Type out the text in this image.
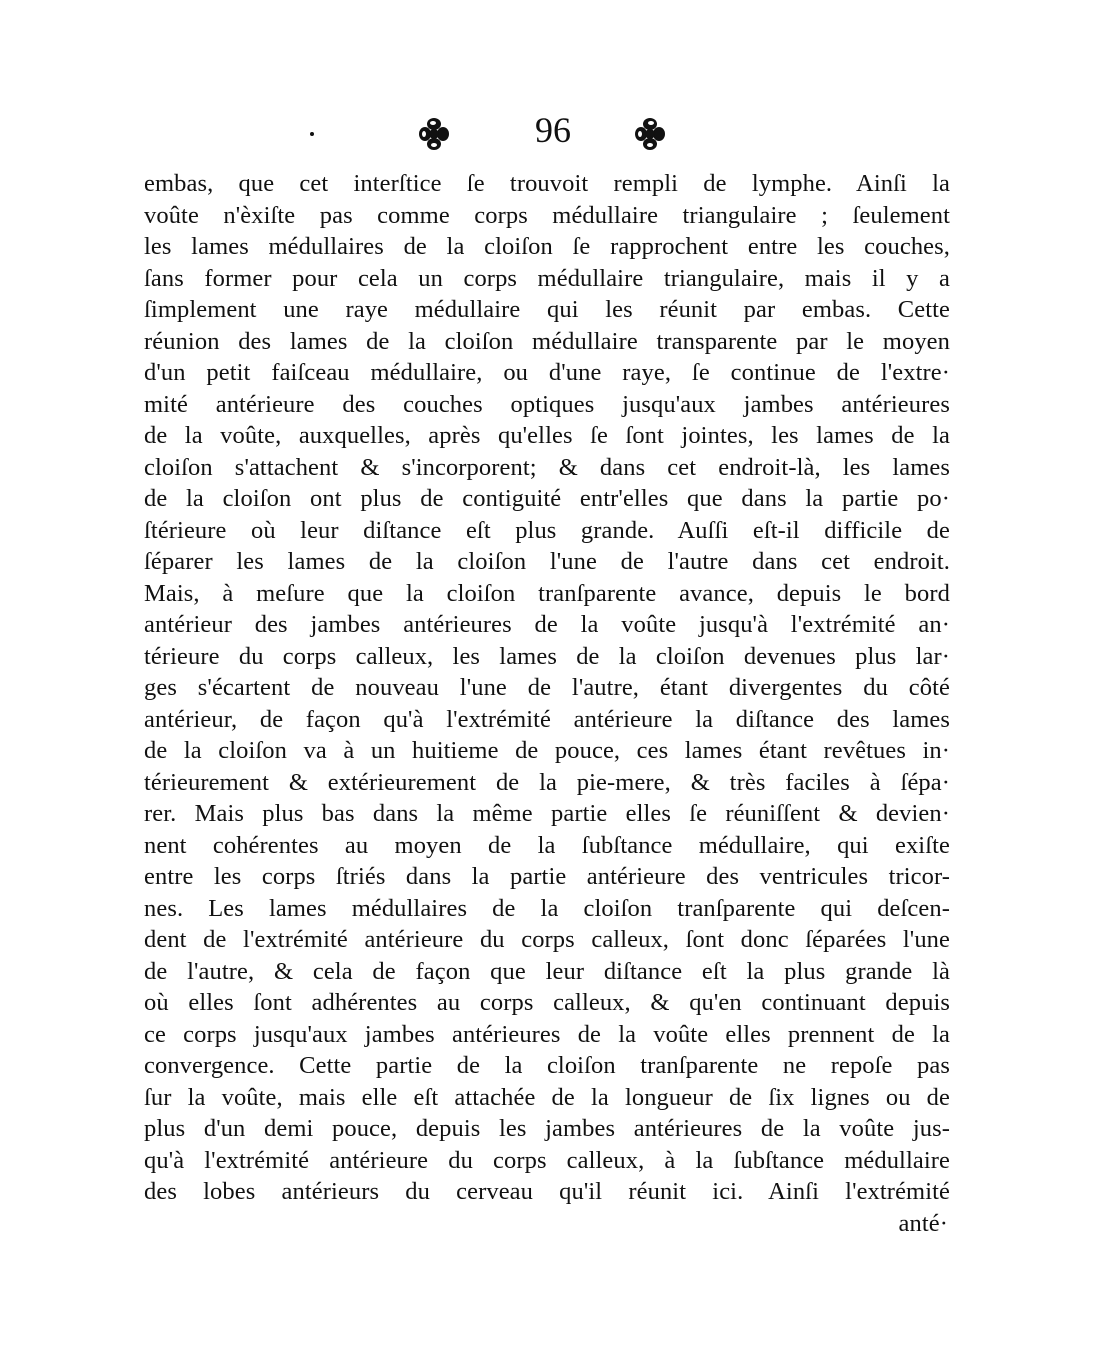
96
embas, que cet interſtice ſe trouvoit rempli de lymphe. Ainſi la
voûte n'èxiſte pas comme corps médullaire triangulaire ; ſeulement
les lames médullaires de la cloiſon ſe rapprochent entre les couches,
ſans former pour cela un corps médullaire triangulaire, mais il y a
ſimplement une raye médullaire qui les réunit par embas. Cette
réunion des lames de la cloiſon médullaire transparente par le moyen
d'un petit faiſceau médullaire, ou d'une raye, ſe continue de l'extre·
mité antérieure des couches optiques jusqu'aux jambes antérieures
de la voûte, auxquelles, après qu'elles ſe ſont jointes, les lames de la
cloiſon s'attachent & s'incorporent; & dans cet endroit-là, les lames
de la cloiſon ont plus de contiguité entr'elles que dans la partie po·
ſtérieure où leur diſtance eſt plus grande. Auſſi eſt-il difficile de
ſéparer les lames de la cloiſon l'une de l'autre dans cet endroit.
Mais, à meſure que la cloiſon tranſparente avance, depuis le bord
antérieur des jambes antérieures de la voûte jusqu'à l'extrémité an·
térieure du corps calleux, les lames de la cloiſon devenues plus lar·
ges s'écartent de nouveau l'une de l'autre, étant divergentes du côté
antérieur, de façon qu'à l'extrémité antérieure la diſtance des lames
de la cloiſon va à un huitieme de pouce, ces lames étant revêtues in·
térieurement & extérieurement de la pie-mere, & très faciles à ſépa·
rer. Mais plus bas dans la même partie elles ſe réuniſſent & devien·
nent cohérentes au moyen de la ſubſtance médullaire, qui exiſte
entre les corps ſtriés dans la partie antérieure des ventricules tricor-
nes. Les lames médullaires de la cloiſon tranſparente qui deſcen-
dent de l'extrémité antérieure du corps calleux, ſont donc ſéparées l'une
de l'autre, & cela de façon que leur diſtance eſt la plus grande là
où elles ſont adhérentes au corps calleux, & qu'en continuant depuis
ce corps jusqu'aux jambes antérieures de la voûte elles prennent de la
convergence. Cette partie de la cloiſon tranſparente ne repoſe pas
ſur la voûte, mais elle eſt attachée de la longueur de ſix lignes ou de
plus d'un demi pouce, depuis les jambes antérieures de la voûte jus-
qu'à l'extrémité antérieure du corps calleux, à la ſubſtance médullaire
des lobes antérieurs du cerveau qu'il réunit ici. Ainſi l'extrémité
anté·
